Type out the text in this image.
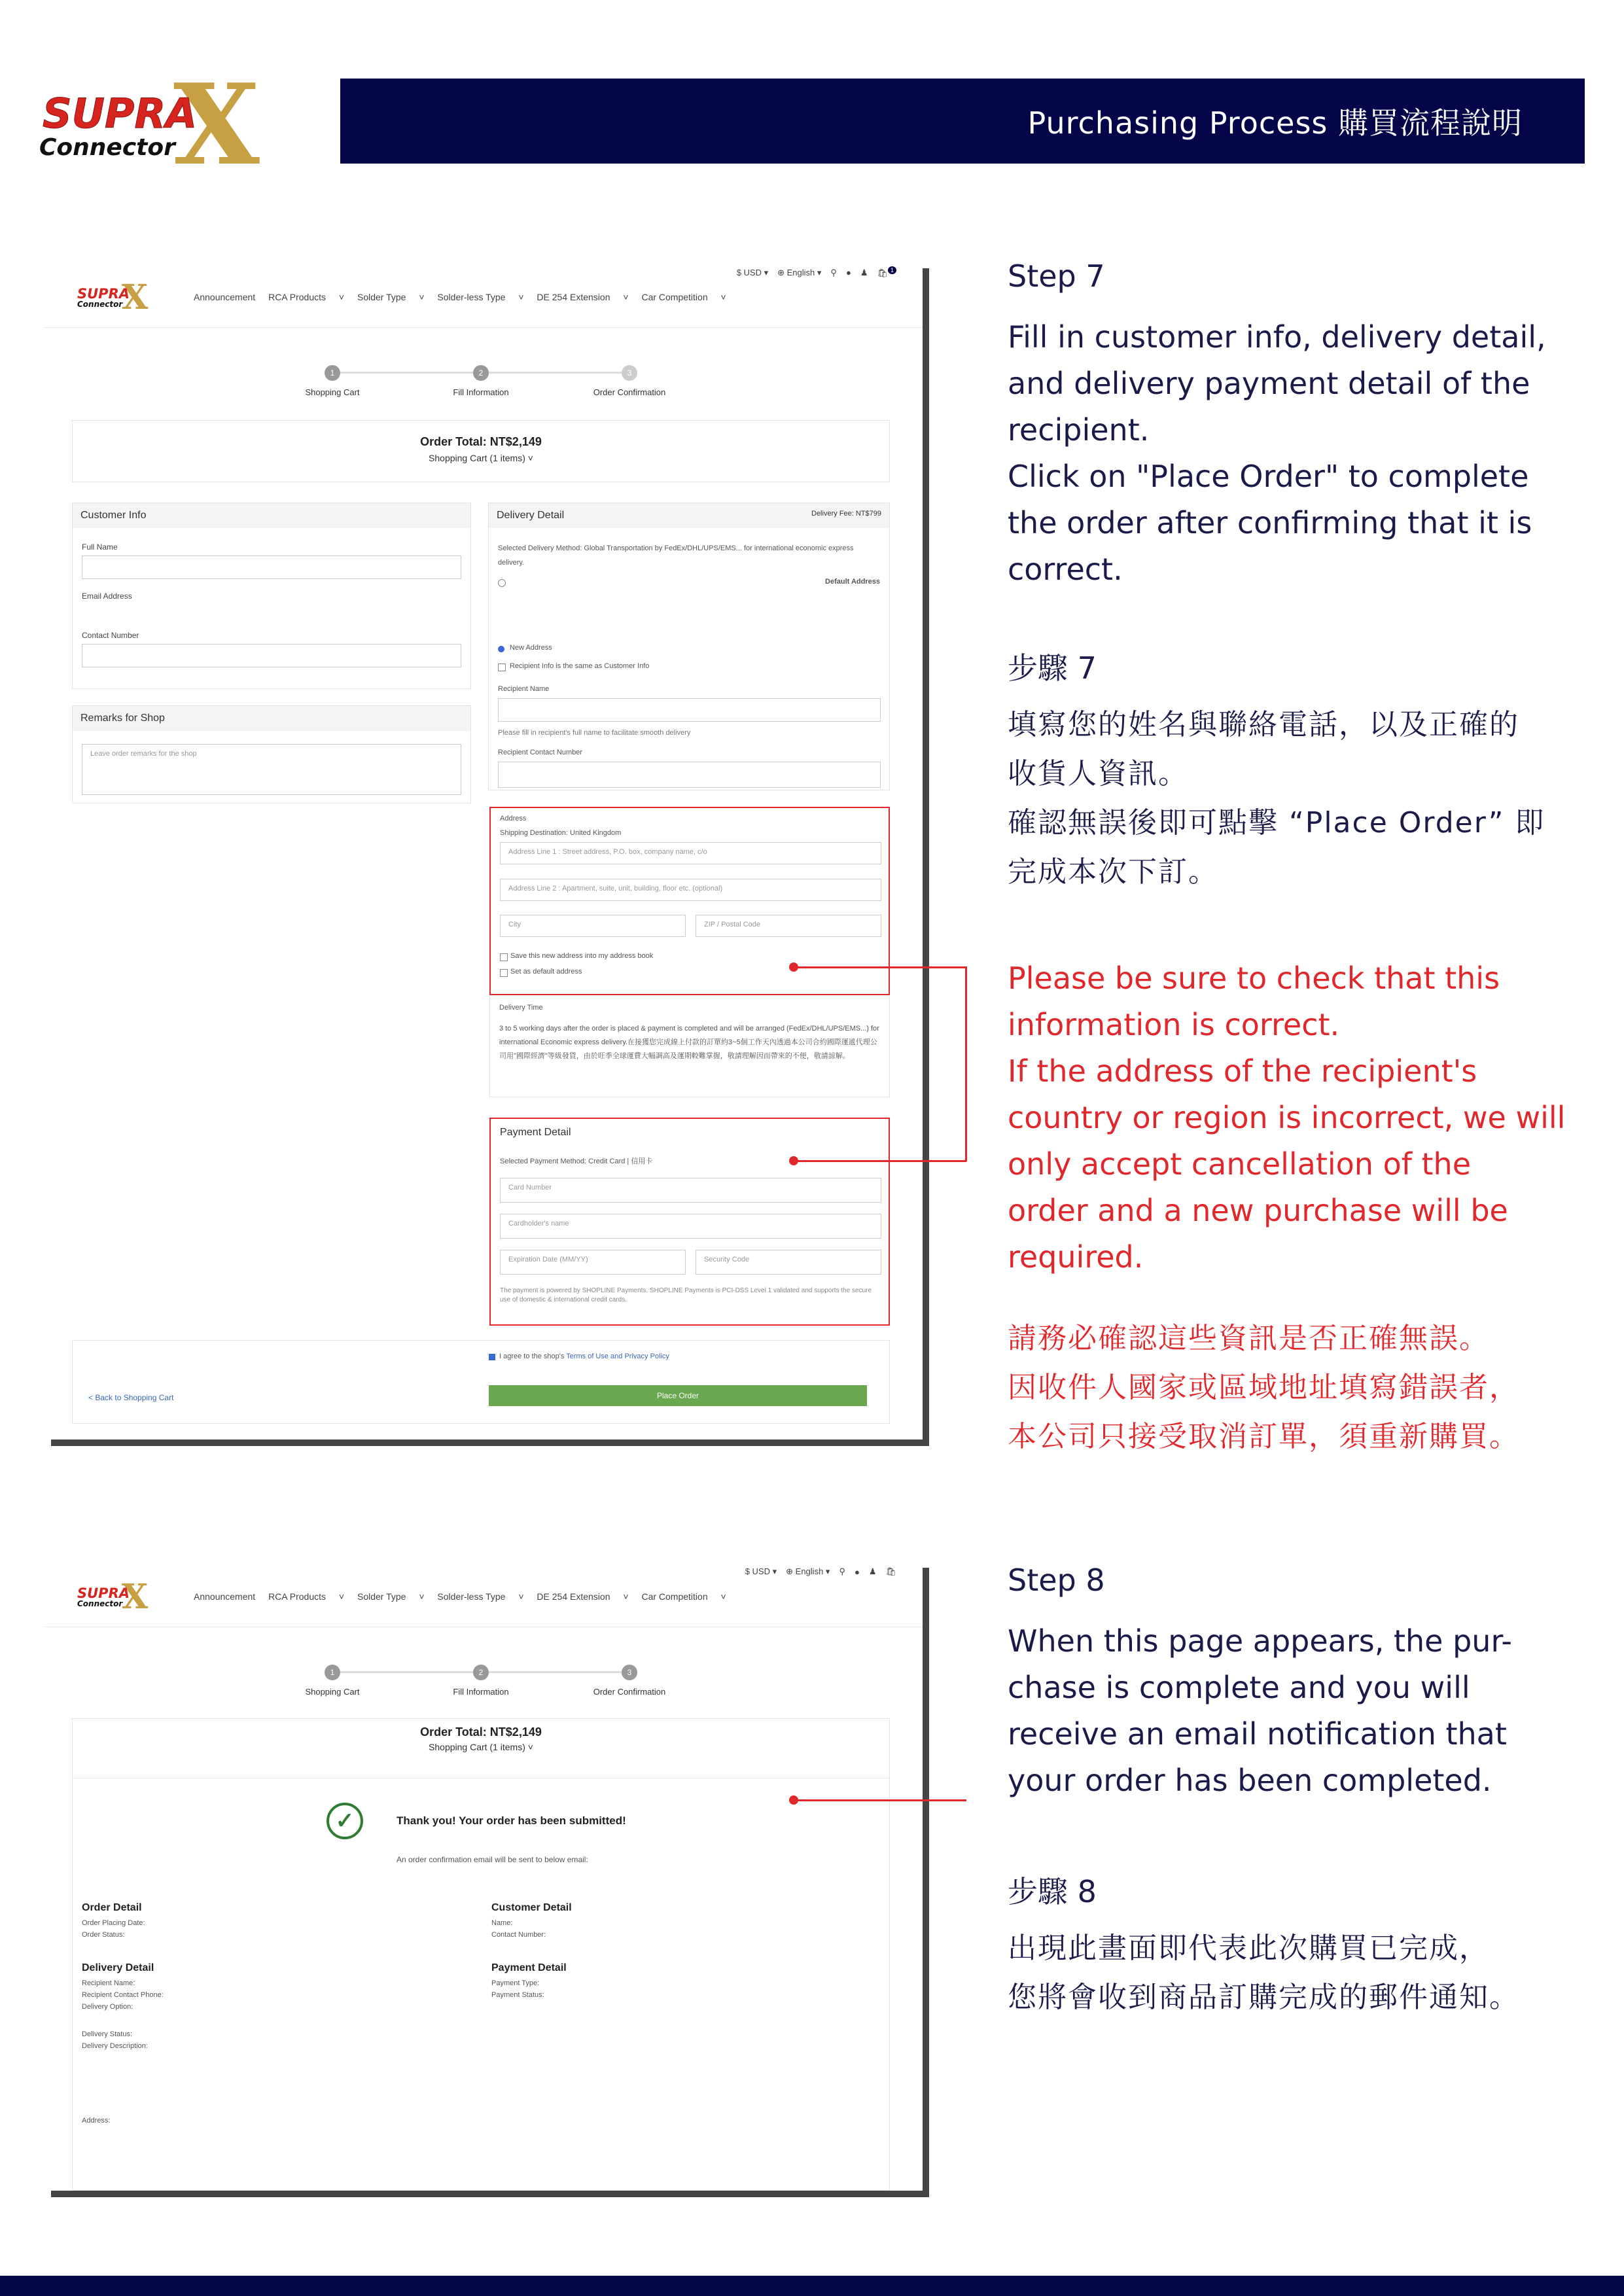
X
SUPRA
Connector
Purchasing Process 購買流程說明
X
SUPRA
Connector
$ USD ▾ ⊕ English ▾ ⚲ ● ♟ 🛍 $^1$
Announcement RCA Products ˅ Solder Type ˅ Solder-less Type ˅ DE 254 Extension ˅ Car Competition ˅
1	2	3
Shopping Cart	Fill Information	Order Confirmation
Order Total: NT$2,149
Shopping Cart (1 items) ˅
Customer Info
Full Name
Email Address
Contact Number
Remarks for Shop
Leave order remarks for the shop
Delivery Detail	Delivery Fee: NT$799
Selected Delivery Method: Global Transportation by FedEx/DHL/UPS/EMS... for international economic express delivery.
Default Address
New Address
Recipient Info is the same as Customer Info
Recipient Name
Please fill in recipient's full name to facilitate smooth delivery
Recipient Contact Number
Address
Shipping Destination: United Kingdom
Address Line 1 : Street address, P.O. box, company name, c/o
Address Line 2 : Apartment, suite, unit, building, floor etc. (optional)
City	ZIP / Postal Code
Save this new address into my address book
Set as default address
Delivery Time
3 to 5 working days after the order is placed & payment is completed and will be arranged (FedEx/DHL/UPS/EMS...) for international Economic express delivery.在接獲您完成線上付款的訂單約3~5個工作天內透過本公司合約國際運遞代理公司用"國際經濟"等級發貨，由於旺季全球運費大幅調高及運期較難掌握，敬請理解因而帶來的不便，敬請諒解。
Payment Detail
Selected Payment Method: Credit Card | 信用卡
Card Number
Cardholder's name
Expiration Date (MM/YY)	Security Code
The payment is powered by SHOPLINE Payments. SHOPLINE Payments is PCI-DSS Level 1 validated and supports the secure use of domestic & international credit cards.
I agree to the shop's Terms of Use and Privacy Policy
< Back to Shopping Cart	Place Order
X
SUPRA
Connector
$ USD ▾ ⊕ English ▾ ⚲ ● ♟ 🛍
Announcement RCA Products ˅ Solder Type ˅ Solder-less Type ˅ DE 254 Extension ˅ Car Competition ˅
1	2	3
Shopping Cart	Fill Information	Order Confirmation
Order Total: NT$2,149
Shopping Cart (1 items) ˅
✓	Thank you! Your order has been submitted!
An order confirmation email will be sent to below email:
Order Detail
Order Placing Date:
Order Status:
Customer Detail
Name:
Contact Number:
Delivery Detail
Recipient Name:
Recipient Contact Phone:
Delivery Option:
Delivery Status:
Delivery Description:
Address:
Payment Detail
Payment Type:
Payment Status:
Step 7
Fill in customer info, delivery detail,
and delivery payment detail of the
recipient.
Click on "Place Order" to complete
the order after confirming that it is
correct.
步驟 7
填寫您的姓名與聯絡電話，以及正確的
收貨人資訊。
確認無誤後即可點擊 “Place Order” 即
完成本次下訂。
Please be sure to check that this
information is correct.
If the address of the recipient's
country or region is incorrect, we will
only accept cancellation of the
order and a new purchase will be
required.
請務必確認這些資訊是否正確無誤。
因收件人國家或區域地址填寫錯誤者，
本公司只接受取消訂單，須重新購買。
Step 8
When this page appears, the pur-
chase is complete and you will
receive an email notification that
your order has been completed.
步驟 8
出現此畫面即代表此次購買已完成，
您將會收到商品訂購完成的郵件通知。
